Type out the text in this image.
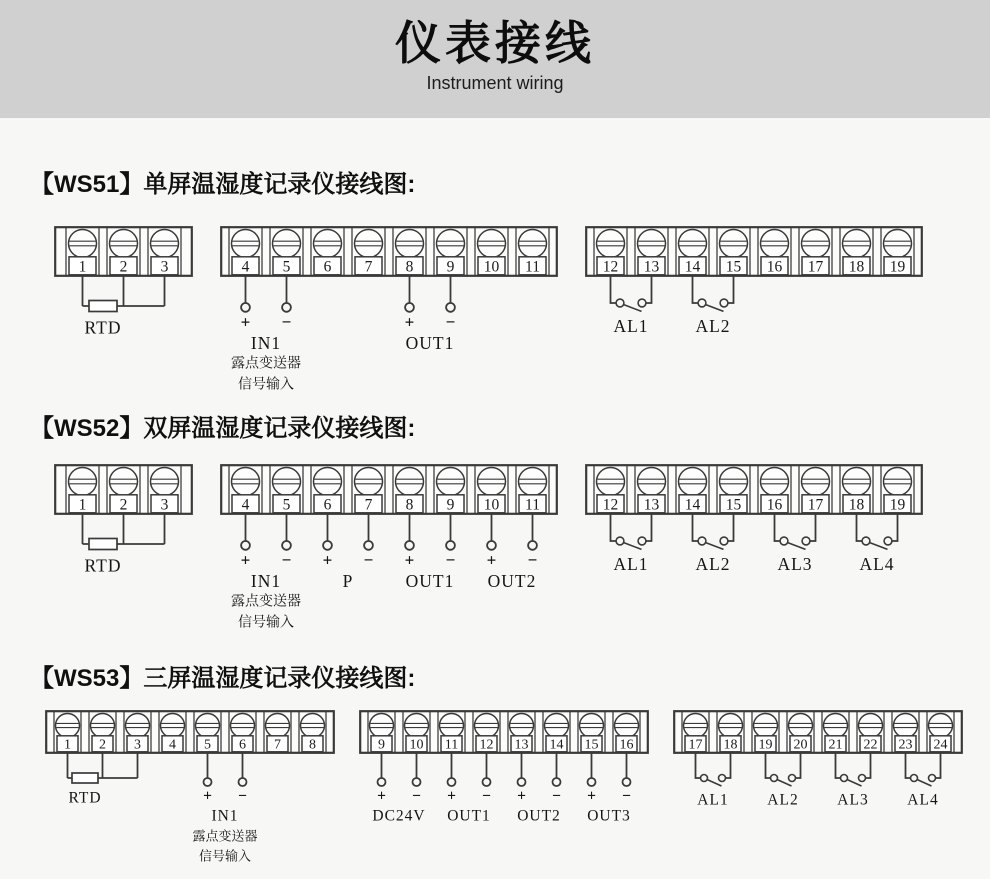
仪表接线
Instrument wiring
【WS51】单屏温湿度记录仪接线图:
1 2 3
RTD
4 5 6 7 8 9 10 11
+ −
IN1
露点变送器
信号输入
+ −
OUT1
12 13 14 15 16 17 18 19
AL1	AL2
【WS52】双屏温湿度记录仪接线图:
1 2 3
RTD
4 5 6 7 8 9 10 11
+ −
IN1
露点变送器
信号输入
+ −
P
+ −
OUT1
+ −
OUT2
12 13 14 15 16 17 18 19
AL1	AL2	AL3	AL4
【WS53】三屏温湿度记录仪接线图:
1 2 3 4 5 6 7 8
RTD	+ −
IN1
露点变送器
信号输入
9 10 11 12 13 14 15 16
+ −
DC24V
+ −
OUT1
+ −
OUT2
+ −
OUT3
17 18 19 20 21 22 23 24
AL1 AL2 AL3 AL4
